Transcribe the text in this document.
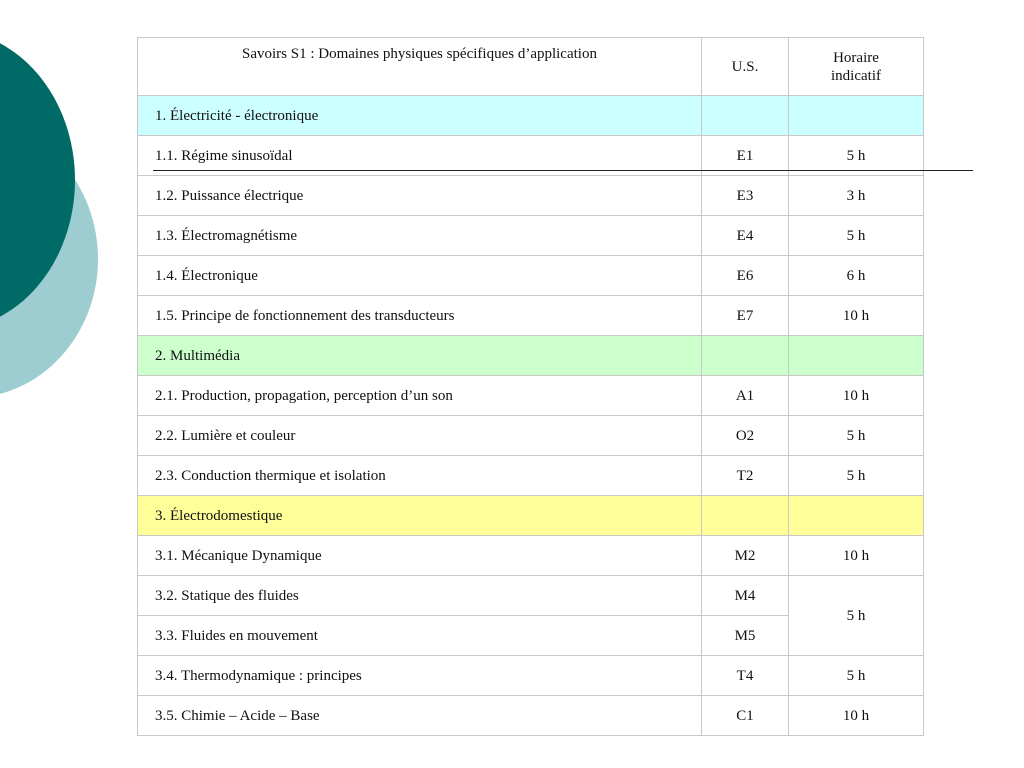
Savoirs S1 : Domaines physiques spécifiques d’application	U.S.	Horaire
indicatif
1. Électricité - électronique		
1.1. Régime sinusoïdal	E1	5 h
1.2. Puissance électrique	E3	3 h
1.3. Électromagnétisme	E4	5 h
1.4. Électronique	E6	6 h
1.5. Principe de fonctionnement des transducteurs	E7	10 h
2. Multimédia		
2.1. Production, propagation, perception d’un son	A1	10 h
2.2. Lumière et couleur	O2	5 h
2.3. Conduction thermique et isolation	T2	5 h
3. Électrodomestique		
3.1. Mécanique Dynamique	M2	10 h
3.2. Statique des fluides	M4	5 h
3.3. Fluides en mouvement	M5	
3.4. Thermodynamique : principes	T4	5 h
3.5. Chimie – Acide – Base	C1	10 h
